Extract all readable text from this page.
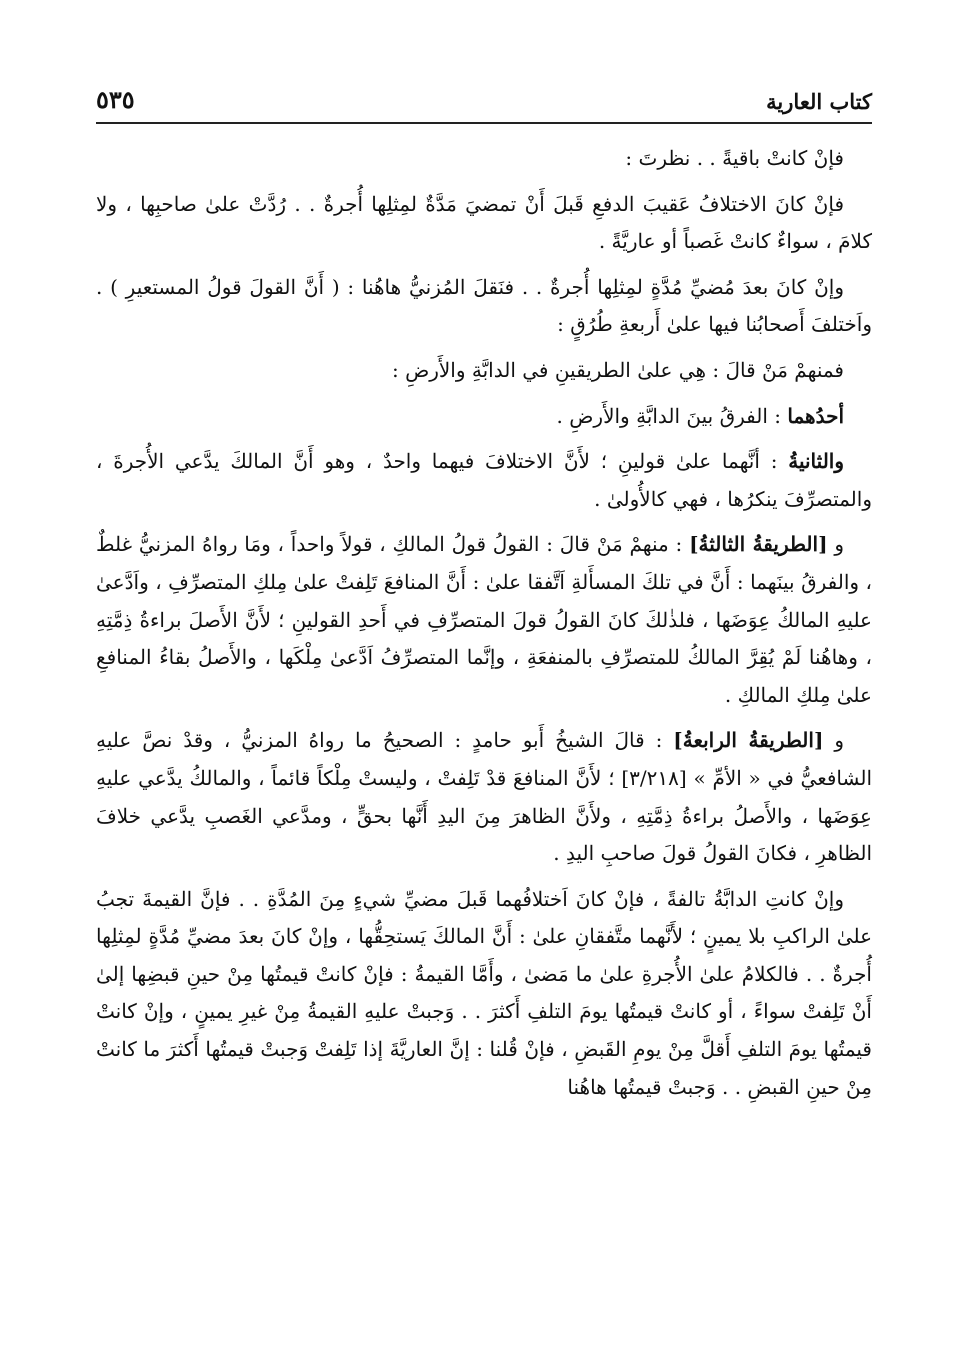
كتاب العارية
٥٣٥

فإنْ كانتْ باقيةً . . نظرتَ :

فإنْ كانَ الاختلافُ عَقيبَ الدفعِ قَبلَ أَنْ تمضيَ مَدَّةٌ لمِثلِها أُجرةٌ . . رُدَّتْ علىٰ صاحبِها ، ولا كلامَ ، سواءٌ كانتْ غَصباً أو عاريَّةً .

وإنْ كانَ بعدَ مُضيِّ مُدَّةٍ لمِثلِها أُجرةٌ . . فنَقلَ المُزنيُّ هاهُنا : ( أَنَّ القولَ قولُ المستعيرِ ) . واَختلفَ أَصحابُنا فيها علىٰ أَربعةِ طُرُقٍ :

فمنهمْ مَنْ قالَ : هِي علىٰ الطريقينِ في الدابَّةِ والأَرضِ :

أحدُهما : الفرقُ بينَ الدابَّةِ والأَرضِ .

والثانيةُ : أنَّهما علىٰ قولينِ ؛ لأَنَّ الاختلافَ فيهما واحدٌ ، وهو أَنَّ المالكَ يدَّعي الأُجرةَ ، والمتصرِّفَ ينكرُها ، فهي كالأُولىٰ .

و [الطريقةُ الثالثةُ] : منهمْ مَنْ قالَ : القولُ قولُ المالكِ ، قولاً واحداً ، ومَا رواهُ المزنيُّ غلطٌ ، والفرقُ بينَهما : أَنَّ في تلكَ المسأَلةِ اَتَّفقا علىٰ : أَنَّ المنافعَ تَلِفتْ علىٰ مِلكِ المتصرِّفِ ، واَدَّعىٰ عليهِ المالكُ عِوَضَها ، فلذٰلكَ كانَ القولُ قولَ المتصرِّفِ في أَحدِ القولينِ ؛ لأَنَّ الأَصلَ براءةُ ذِمَّتِهِ ، وهاهُنا لَمْ يُقِرَّ المالكُ للمتصرِّفِ بالمنفعَةِ ، وإنَّما المتصرِّفُ اَدَّعىٰ مِلْكَها ، والأَصلُ بقاءُ المنافعِ علىٰ مِلكِ المالكِ .

و [الطريقةُ الرابعةُ] : قالَ الشيخُ أَبو حامدٍ : الصحيحُ ما رواهُ المزنيُّ ، وقدْ نصَّ عليهِ الشافعيُّ في « الأمِّ » [٣/٢١٨] ؛ لأَنَّ المنافعَ قدْ تَلِفتْ ، وليستْ مِلْكاً قائماً ، والمالكُ يدَّعي عليهِ عِوَضَها ، والأَصلُ براءةُ ذِمَّتِهِ ، ولأَنَّ الظاهرَ مِنَ اليدِ أَنَّها بحقٍّ ، ومدَّعي الغَصبِ يدَّعي خلافَ الظاهرِ ، فكانَ القولُ قولَ صاحبِ اليدِ .

وإنْ كانتِ الدابَّةُ تالفةً ، فإنْ كانَ اَختلافُهما قَبلَ مضيِّ شيءٍ مِنَ المُدَّةِ . . فإنَّ القيمةَ تجبُ علىٰ الراكبِ بلا يمينٍ ؛ لأَنَّهما متَّفقانِ علىٰ : أَنَّ المالكَ يَستحِقُّها ، وإنْ كانَ بعدَ مضيِّ مُدَّةٍ لمِثلِها أُجرةٌ . . فالكلامُ علىٰ الأُجرةِ علىٰ ما مَضىٰ ، وأَمَّا القيمةُ : فإنْ كانتْ قيمتُها مِنْ حينِ قبضِها إلىٰ أَنْ تَلِفتْ سواءً ، أو كانتْ قيمتُها يومَ التلفِ أَكثرَ . . وَجبتْ عليهِ القيمةُ مِنْ غيرِ يمينٍ ، وإنْ كانتْ قيمتُها يومَ التلفِ أَقلَّ مِنْ يومِ القَبضِ ، فإنْ قُلنا : إنَّ العاريَّةَ إذا تَلِفتْ وَجبتْ قيمتُها أَكثرَ ما كانتْ مِنْ حينِ القبضِ . . وَجبتْ قيمتُها هاهُنا
